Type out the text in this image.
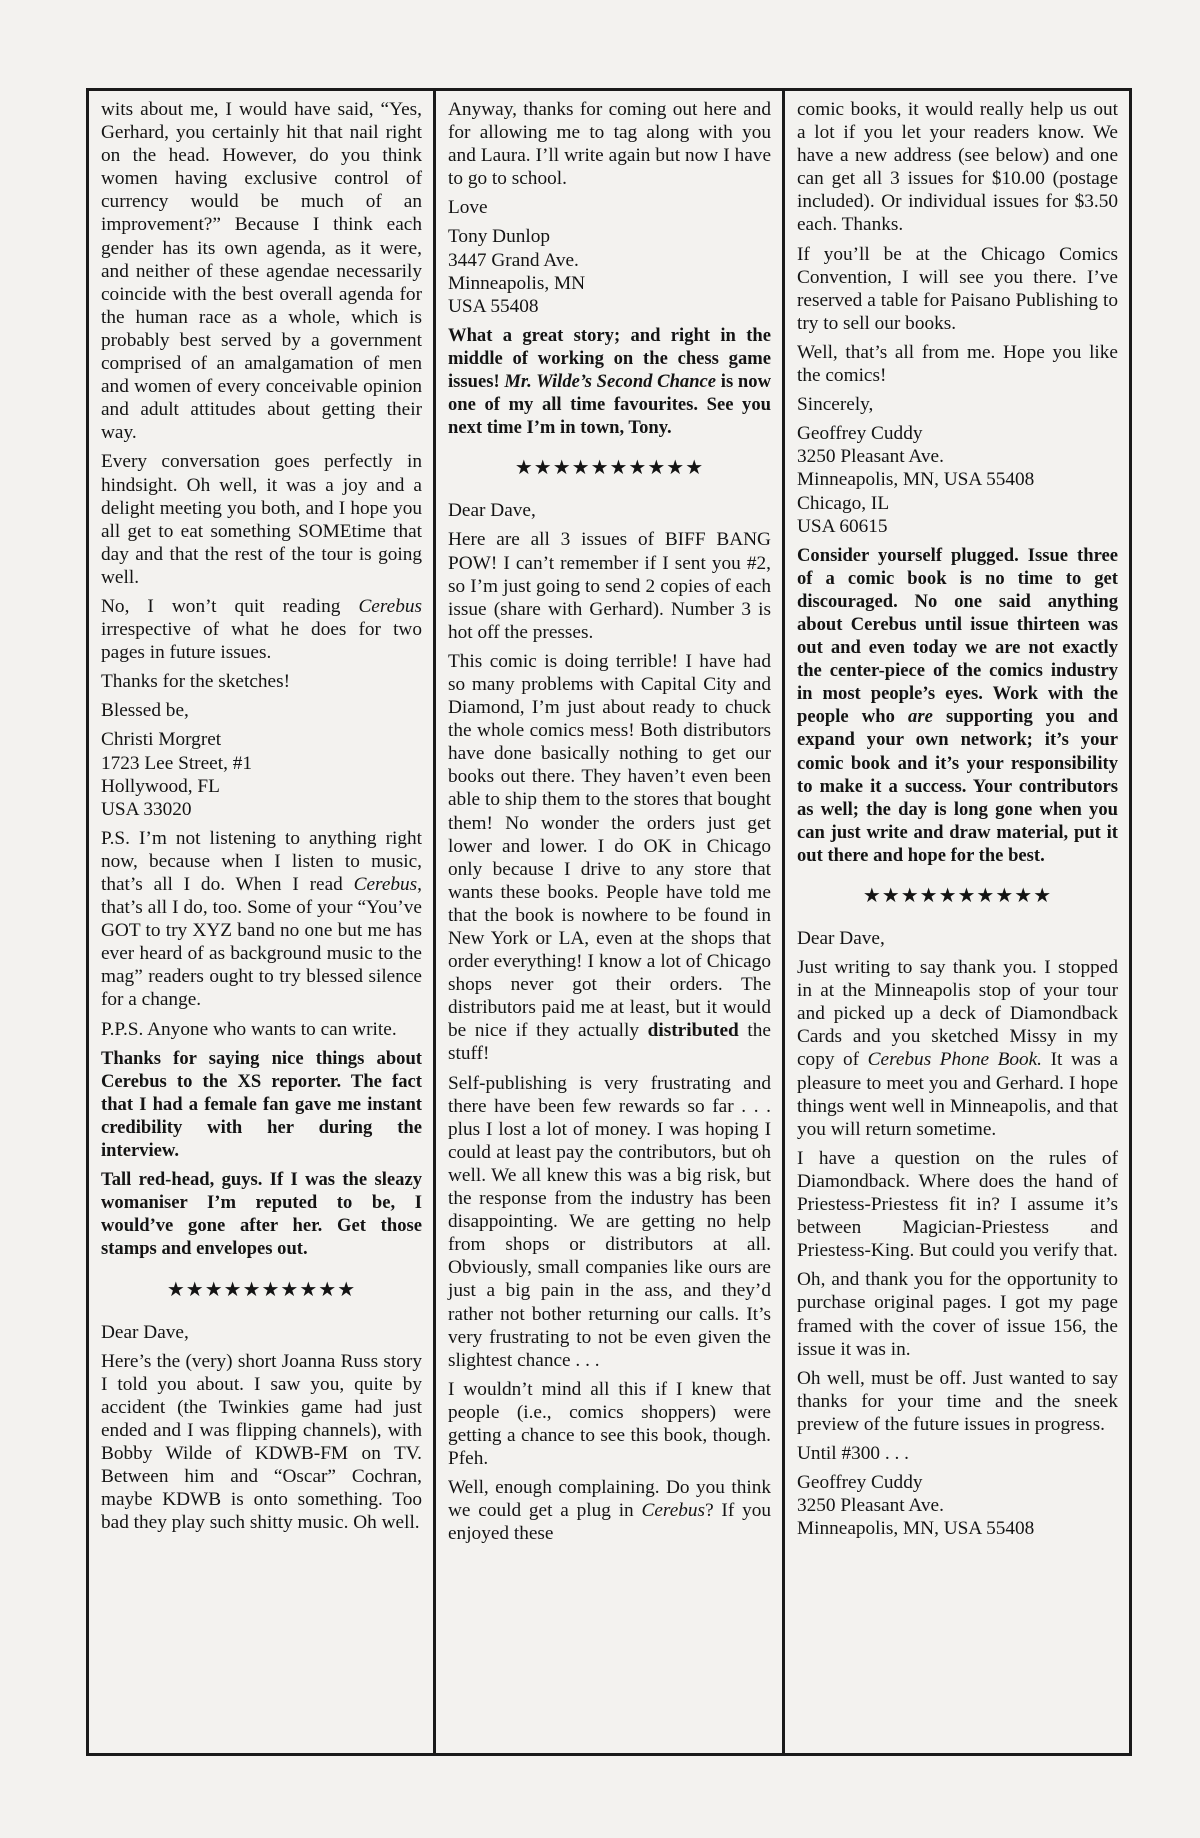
wits about me, I would have said, “Yes, Gerhard, you certainly hit that nail right on the head. However, do you think women having exclusive control of currency would be much of an improvement?” Because I think each gender has its own agenda, as it were, and neither of these agendae necessarily coincide with the best overall agenda for the human race as a whole, which is probably best served by a government comprised of an amalgamation of men and women of every conceivable opinion and adult attitudes about getting their way.

Every conversation goes perfectly in hindsight. Oh well, it was a joy and a delight meeting you both, and I hope you all get to eat something SOMEtime that day and that the rest of the tour is going well.

No, I won’t quit reading Cerebus irrespective of what he does for two pages in future issues.

Thanks for the sketches!

Blessed be,

Christi Morgret

1723 Lee Street, #1

Hollywood, FL

USA 33020

P.S. I’m not listening to anything right now, because when I listen to music, that’s all I do. When I read Cerebus, that’s all I do, too. Some of your “You’ve GOT to try XYZ band no one but me has ever heard of as background music to the mag” readers ought to try blessed silence for a change.

P.P.S. Anyone who wants to can write.

Thanks for saying nice things about Cerebus to the XS reporter. The fact that I had a female fan gave me instant credibility with her during the interview.

Tall red-head, guys. If I was the sleazy womaniser I’m reputed to be, I would’ve gone after her. Get those stamps and envelopes out.

★★★★★★★★★★

Dear Dave,

Here’s the (very) short Joanna Russ story I told you about. I saw you, quite by accident (the Twinkies game had just ended and I was flipping channels), with Bobby Wilde of KDWB-FM on TV. Between him and “Oscar” Cochran, maybe KDWB is onto something. Too bad they play such shitty music. Oh well.

Anyway, thanks for coming out here and for allowing me to tag along with you and Laura. I’ll write again but now I have to go to school.

Love

Tony Dunlop

3447 Grand Ave.

Minneapolis, MN

USA 55408

What a great story; and right in the middle of working on the chess game issues! Mr. Wilde’s Second Chance is now one of my all time favourites. See you next time I’m in town, Tony.

★★★★★★★★★★

Dear Dave,

Here are all 3 issues of BIFF BANG POW! I can’t remember if I sent you #2, so I’m just going to send 2 copies of each issue (share with Gerhard). Number 3 is hot off the presses.

This comic is doing terrible! I have had so many problems with Capital City and Diamond, I’m just about ready to chuck the whole comics mess! Both distributors have done basically nothing to get our books out there. They haven’t even been able to ship them to the stores that bought them! No wonder the orders just get lower and lower. I do OK in Chicago only because I drive to any store that wants these books. People have told me that the book is nowhere to be found in New York or LA, even at the shops that order everything! I know a lot of Chicago shops never got their orders. The distributors paid me at least, but it would be nice if they actually distributed the stuff!

Self-publishing is very frustrating and there have been few rewards so far . . . plus I lost a lot of money. I was hoping I could at least pay the contributors, but oh well. We all knew this was a big risk, but the response from the industry has been disappointing. We are getting no help from shops or distributors at all. Obviously, small companies like ours are just a big pain in the ass, and they’d rather not bother returning our calls. It’s very frustrating to not be even given the slightest chance . . .

I wouldn’t mind all this if I knew that people (i.e., comics shoppers) were getting a chance to see this book, though. Pfeh.

Well, enough complaining. Do you think we could get a plug in Cerebus? If you enjoyed these

comic books, it would really help us out a lot if you let your readers know. We have a new address (see below) and one can get all 3 issues for $10.00 (postage included). Or individual issues for $3.50 each. Thanks.

If you’ll be at the Chicago Comics Convention, I will see you there. I’ve reserved a table for Paisano Publishing to try to sell our books.

Well, that’s all from me. Hope you like the comics!

Sincerely,

Geoffrey Cuddy

3250 Pleasant Ave.

Minneapolis, MN, USA 55408

Chicago, IL

USA 60615

Consider yourself plugged. Issue three of a comic book is no time to get discouraged. No one said anything about Cerebus until issue thirteen was out and even today we are not exactly the center-piece of the comics industry in most people’s eyes. Work with the people who are supporting you and expand your own network; it’s your comic book and it’s your responsibility to make it a success. Your contributors as well; the day is long gone when you can just write and draw material, put it out there and hope for the best.

★★★★★★★★★★

Dear Dave,

Just writing to say thank you. I stopped in at the Minneapolis stop of your tour and picked up a deck of Diamondback Cards and you sketched Missy in my copy of Cerebus Phone Book. It was a pleasure to meet you and Gerhard. I hope things went well in Minneapolis, and that you will return sometime.

I have a question on the rules of Diamondback. Where does the hand of Priestess-Priestess fit in? I assume it’s between Magician-Priestess and Priestess-King. But could you verify that.

Oh, and thank you for the opportunity to purchase original pages. I got my page framed with the cover of issue 156, the issue it was in.

Oh well, must be off. Just wanted to say thanks for your time and the sneek preview of the future issues in progress.

Until #300 . . .

Geoffrey Cuddy

3250 Pleasant Ave.

Minneapolis, MN, USA 55408
